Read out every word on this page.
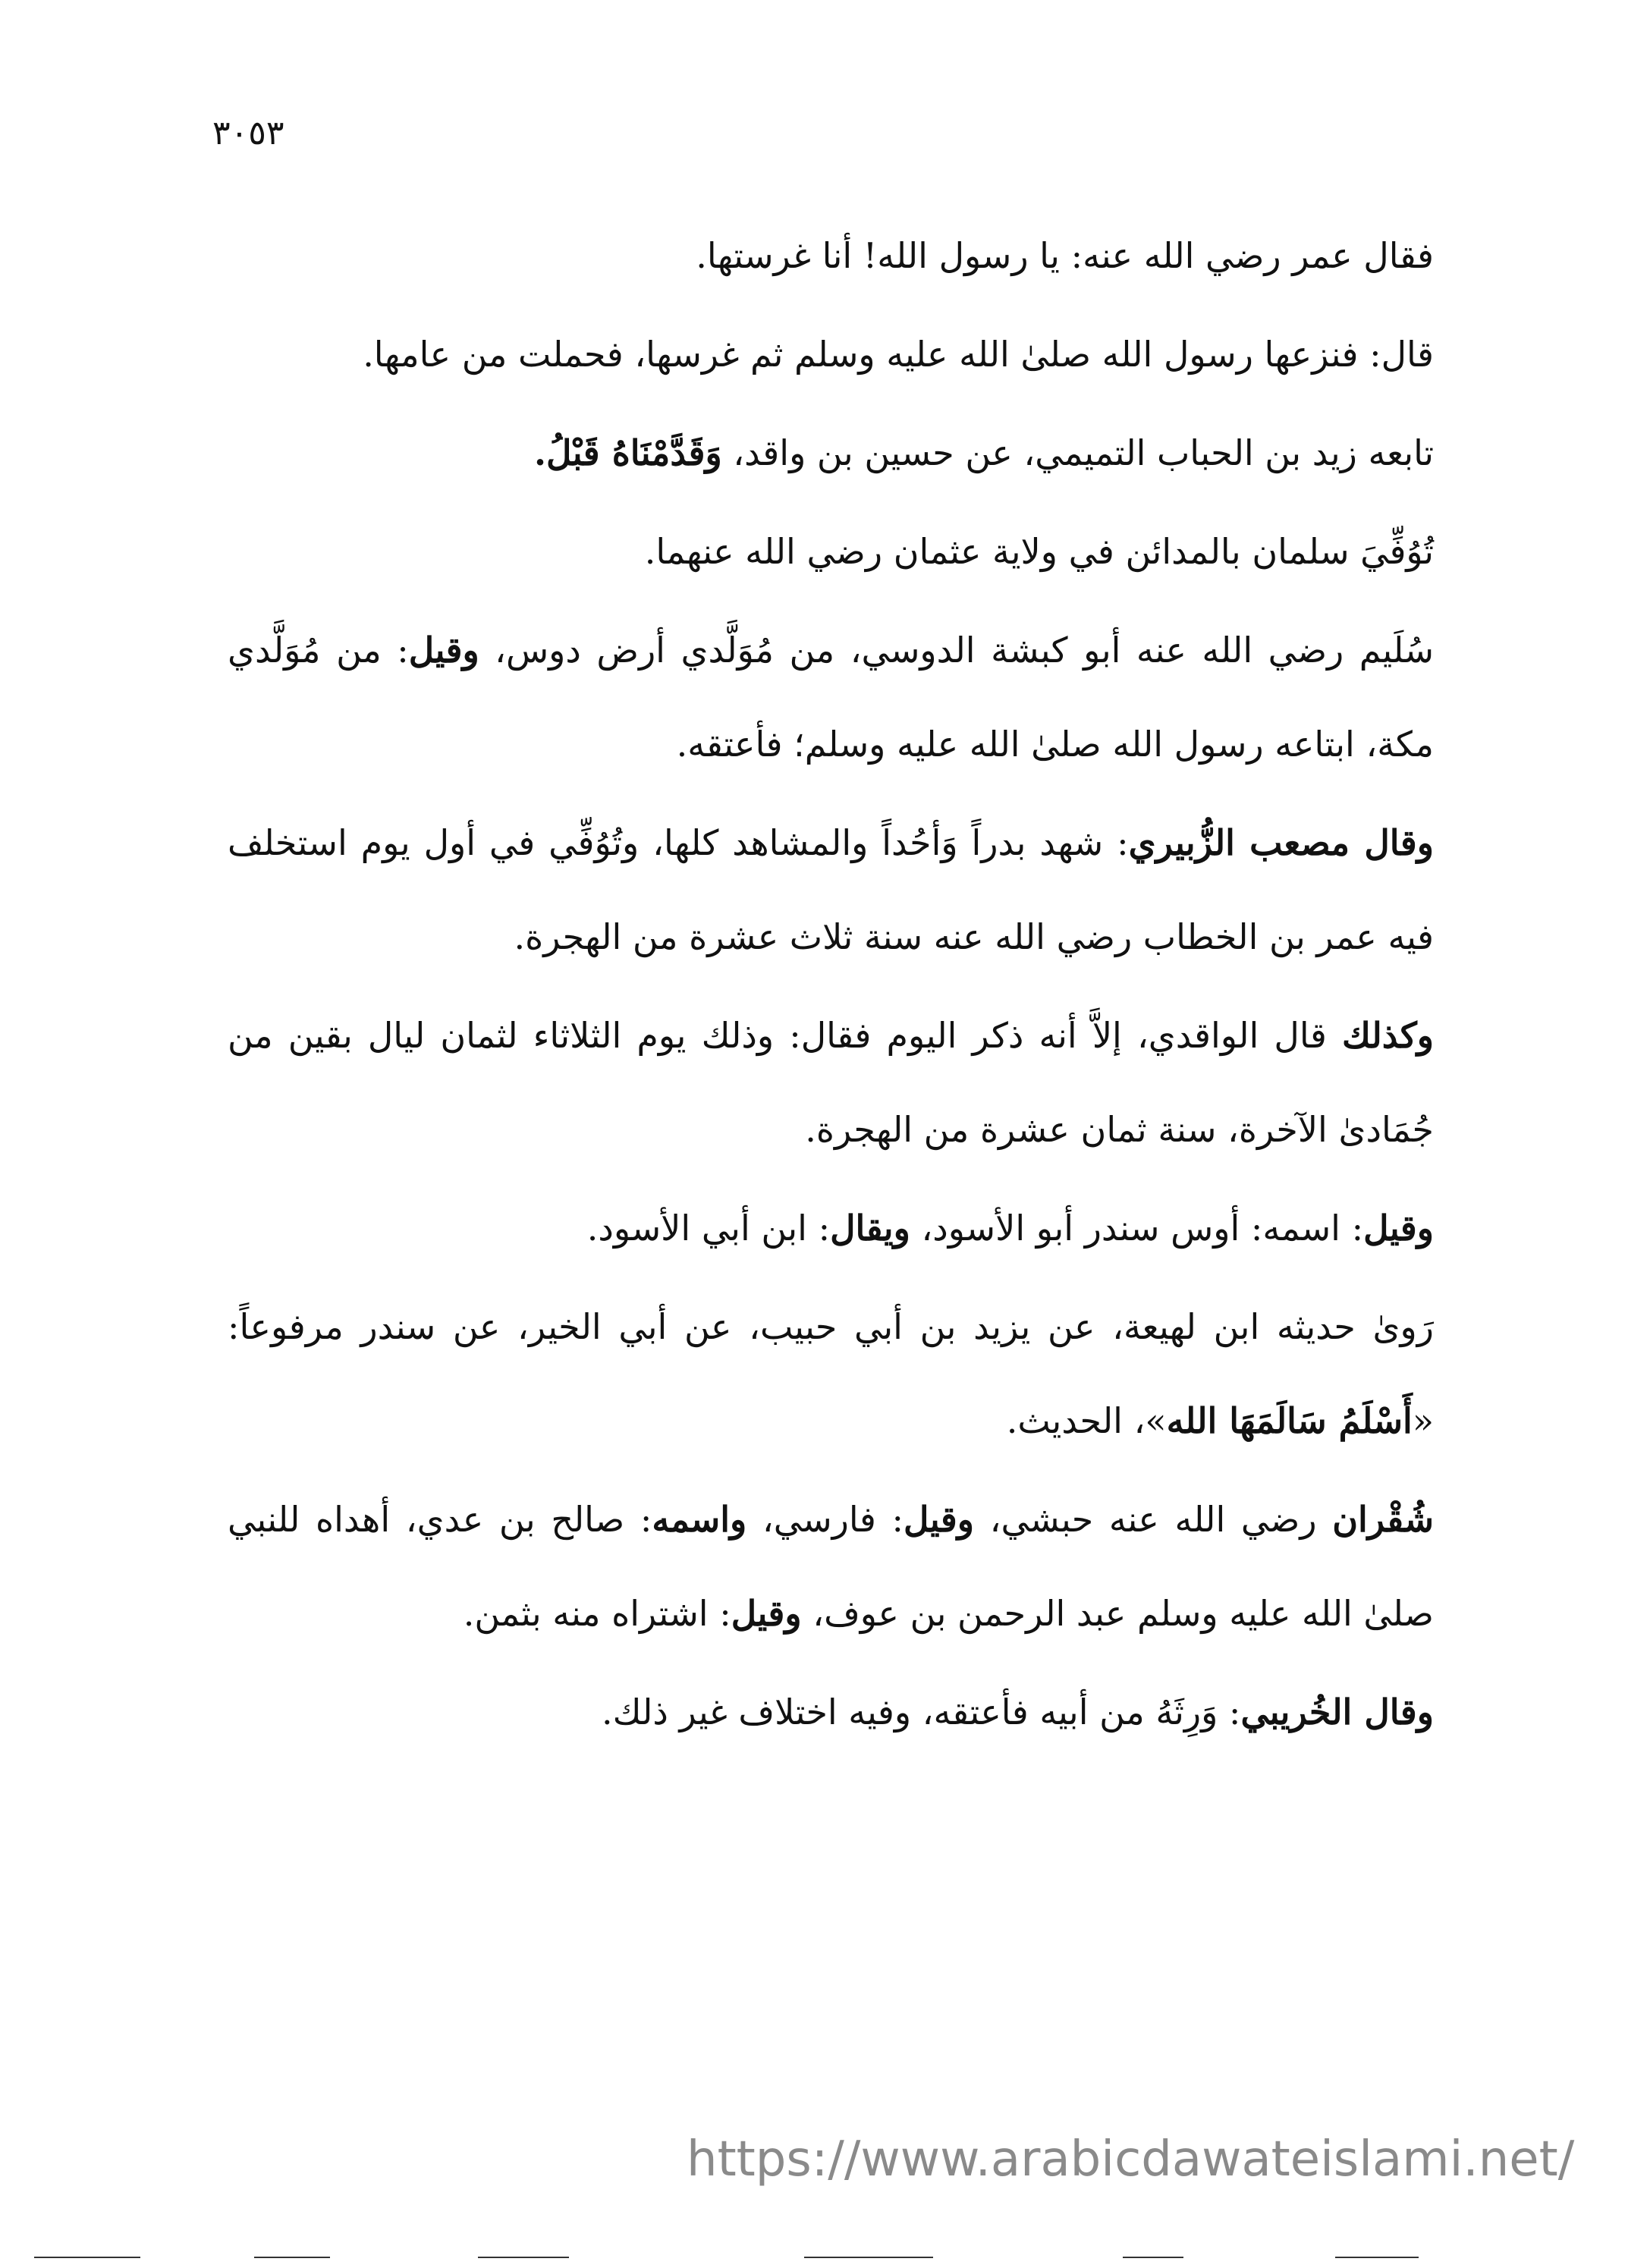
٣٠٥٣

فقال عمر رضي الله عنه: يا رسول الله! أنا غرستها.

قال: فنزعها رسول الله صلىٰ الله عليه وسلم ثم غرسها، فحملت من عامها.

تابعه زيد بن الحباب التميمي، عن حسين بن واقد، وَقَدَّمْنَاهُ قَبْلُ.

تُوُفِّيَ سلمان بالمدائن في ولاية عثمان رضي الله عنهما.

سُلَيم رضي الله عنه أبو كبشة الدوسي، من مُوَلَّدي أرض دوس، وقيل: من مُوَلَّدي مكة، ابتاعه رسول الله صلىٰ الله عليه وسلم؛ فأعتقه.

وقال مصعب الزُّبيري: شهد بدراً وَأحُداً والمشاهد كلها، وتُوُفِّي في أول يوم استخلف فيه عمر بن الخطاب رضي الله عنه سنة ثلاث عشرة من الهجرة.

وكذلك قال الواقدي، إلاَّ أنه ذكر اليوم فقال: وذلك يوم الثلاثاء لثمان ليال بقين من جُمَادىٰ الآخرة، سنة ثمان عشرة من الهجرة.

وقيل: اسمه: أوس سندر أبو الأسود، ويقال: ابن أبي الأسود.

رَوىٰ حديثه ابن لهيعة، عن يزيد بن أبي حبيب، عن أبي الخير، عن سندر مرفوعاً: «أَسْلَمُ سَالَمَهَا الله»، الحديث.

شُقْران رضي الله عنه حبشي، وقيل: فارسي، واسمه: صالح بن عدي، أهداه للنبي صلىٰ الله عليه وسلم عبد الرحمن بن عوف، وقيل: اشتراه منه بثمن.

وقال الخُريبي: وَرِثَهُ من أبيه فأعتقه، وفيه اختلاف غير ذلك.

https://www.arabicdawateislami.net/
